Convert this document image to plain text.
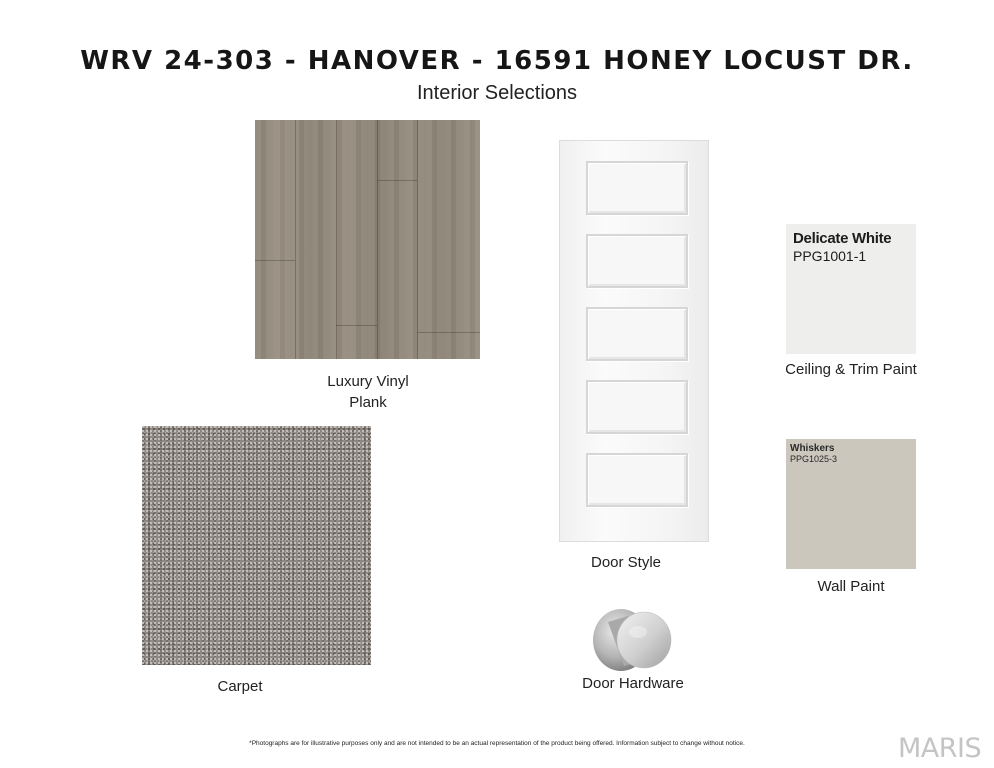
WRV 24-303 - HANOVER - 16591 HONEY LOCUST DR.
Interior Selections
Luxury Vinyl
Plank
Carpet
Door Style
Door Hardware
Delicate White
PPG1001-1
Ceiling & Trim Paint
Whiskers
PPG1025-3
Wall Paint
*Photographs are for illustrative purposes only and are not intended to be an actual representation of the product being offered. Information subject to change without notice.	MARIS
